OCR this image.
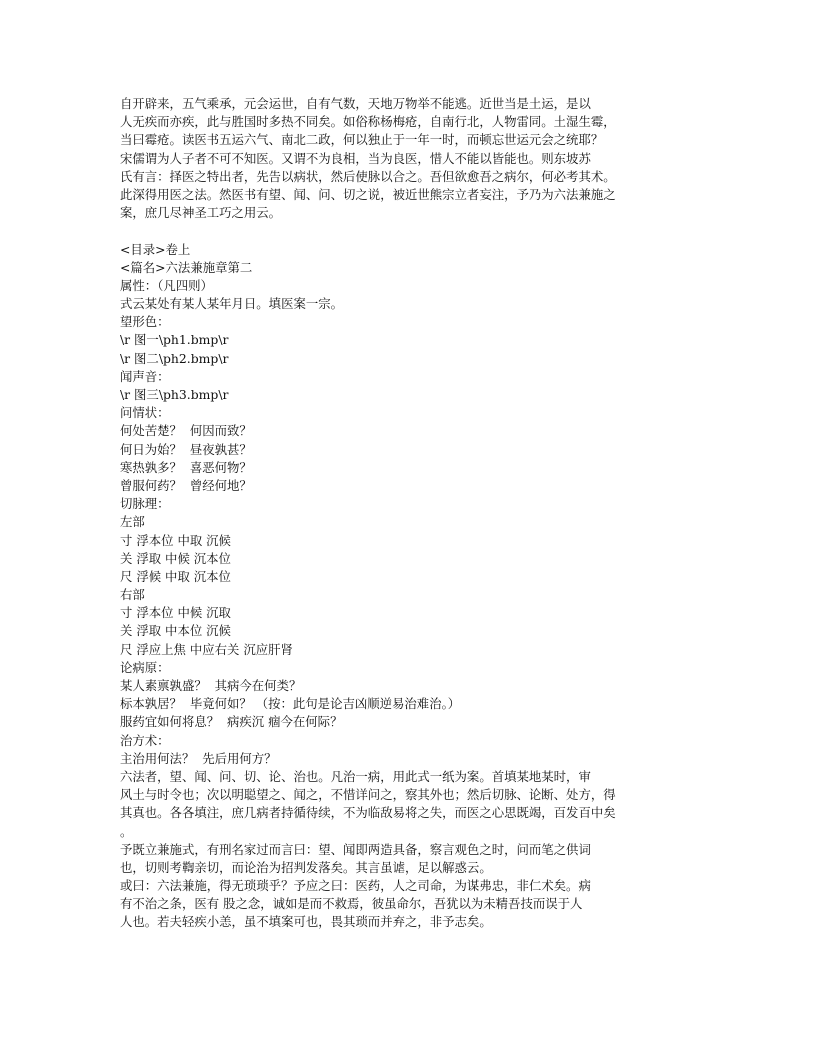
自开辟来，五气乘承，元会运世，自有气数，天地万物举不能逃。近世当是土运，是以
人无疾而亦疾，此与胜国时多热不同矣。如俗称杨梅疮，自南行北，人物雷同。土湿生霉，
当曰霉疮。读医书五运六气、南北二政，何以独止于一年一时，而顿忘世运元会之统耶？
宋儒谓为人子者不可不知医。又谓不为良相，当为良医，惜人不能以皆能也。则东坡苏
氏有言：择医之特出者，先告以病状，然后使脉以合之。吾但欲愈吾之病尔，何必考其术。
此深得用医之法。然医书有望、闻、问、切之说，被近世熊宗立者妄注，予乃为六法兼施之
案，庶几尽神圣工巧之用云。
<目录>卷上
<篇名>六法兼施章第二
属性：（凡四则）
式云某处有某人某年月日。填医案一宗。
望形色：
\r 图一\ph1.bmp\r
\r 图二\ph2.bmp\r
闻声音：
\r 图三\ph3.bmp\r
问情状：
何处苦楚？  何因而致？
何日为始？  昼夜孰甚？
寒热孰多？  喜恶何物？
曾服何药？  曾经何地？
切脉理：
左部
寸 浮本位 中取 沉候
关 浮取 中候 沉本位
尺 浮候 中取 沉本位
右部
寸 浮本位 中候 沉取
关 浮取 中本位 沉候
尺 浮应上焦 中应右关 沉应肝肾
论病原：
某人素禀孰盛？  其病今在何类？
标本孰居？  毕竟何如？ （按：此句是论吉凶顺逆易治难治。）
服药宜如何将息？  病疾沉 痼今在何际？
治方术：
主治用何法？  先后用何方？
六法者，望、闻、问、切、论、治也。凡治一病，用此式一纸为案。首填某地某时，审
风土与时令也；次以明聪望之、闻之，不惜详问之，察其外也；然后切脉、论断、处方，得
其真也。各各填注，庶几病者持循待续，不为临敌易将之失，而医之心思既竭，百发百中矣
。
予既立兼施式，有刑名家过而言曰：望、闻即两造具备，察言观色之时，问而笔之供词
也，切则考鞫亲切，而论治为招判发落矣。其言虽谑，足以解惑云。
或曰：六法兼施，得无琐琐乎？予应之曰：医药，人之司命，为谋弗忠，非仁术矣。病
有不治之条，医有 股之念，诚如是而不救焉，彼虽命尔，吾犹以为未精吾技而误于人
人也。若夫轻疾小恙，虽不填案可也，畏其琐而并弃之，非予志矣。
